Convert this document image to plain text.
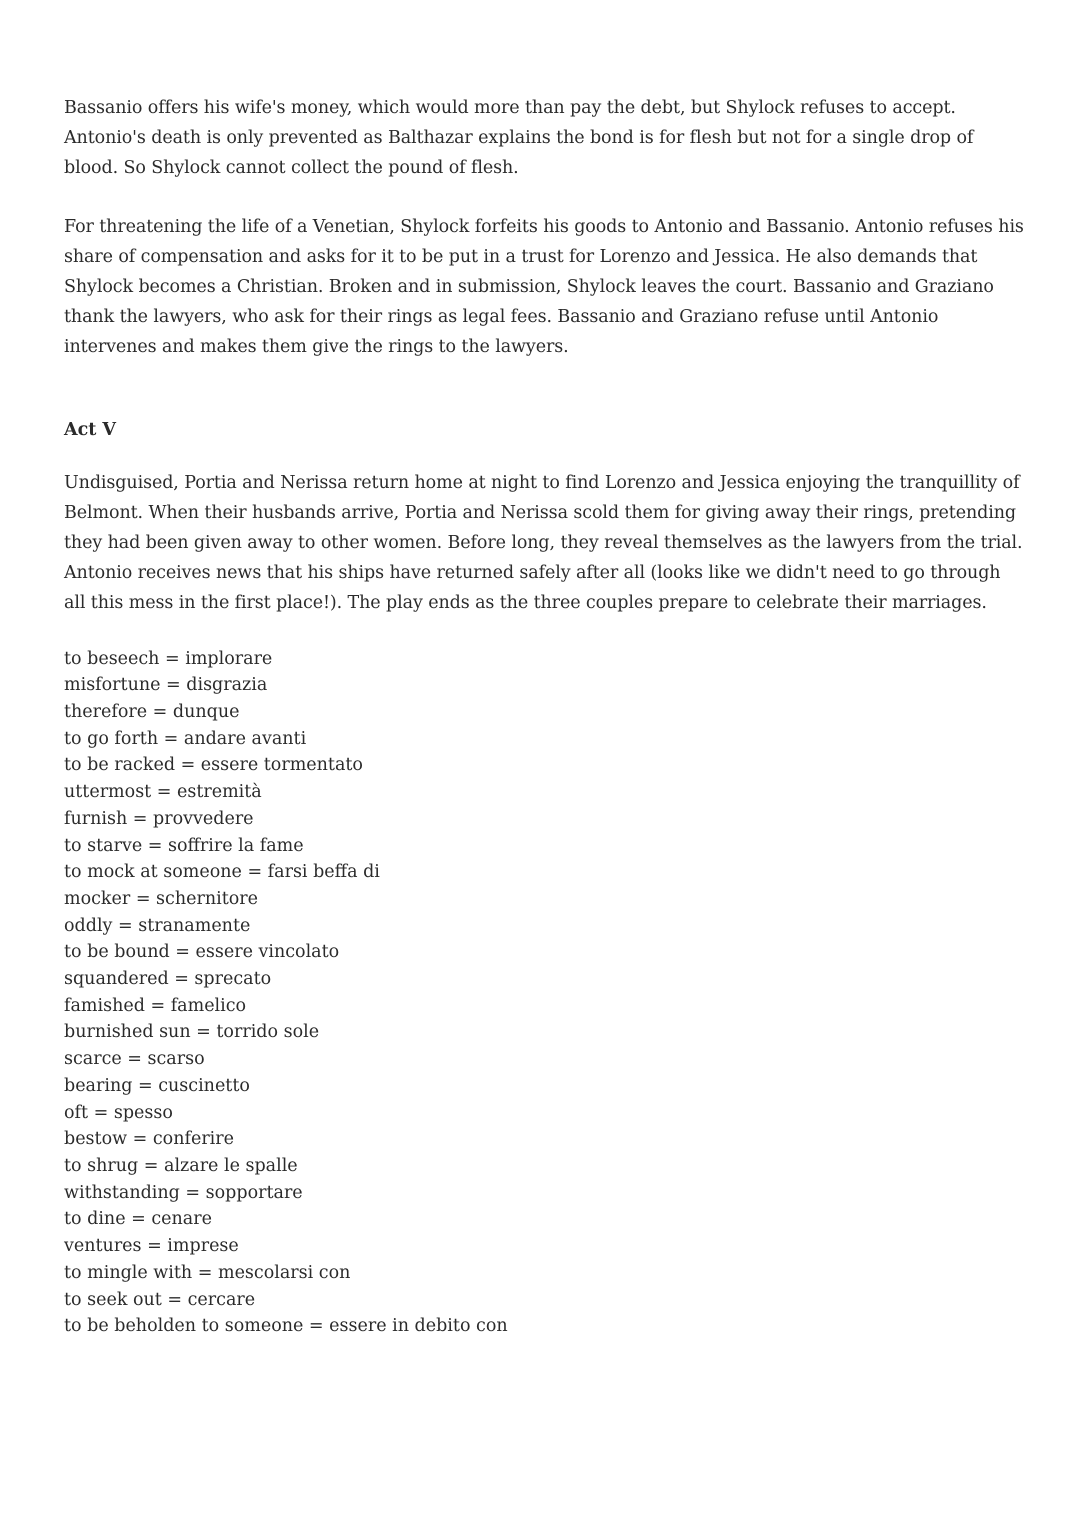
Bassanio offers his wife's money, which would more than pay the debt, but Shylock refuses to accept. Antonio's death is only prevented as Balthazar explains the bond is for flesh but not for a single drop of blood. So Shylock cannot collect the pound of flesh.

For threatening the life of a Venetian, Shylock forfeits his goods to Antonio and Bassanio. Antonio refuses his share of compensation and asks for it to be put in a trust for Lorenzo and Jessica. He also demands that Shylock becomes a Christian. Broken and in submission, Shylock leaves the court. Bassanio and Graziano thank the lawyers, who ask for their rings as legal fees. Bassanio and Graziano refuse until Antonio intervenes and makes them give the rings to the lawyers.

Act V

Undisguised, Portia and Nerissa return home at night to find Lorenzo and Jessica enjoying the tranquillity of Belmont. When their husbands arrive, Portia and Nerissa scold them for giving away their rings, pretending they had been given away to other women. Before long, they reveal themselves as the lawyers from the trial. Antonio receives news that his ships have returned safely after all (looks like we didn't need to go through all this mess in the first place!). The play ends as the three couples prepare to celebrate their marriages.

to beseech = implorare
misfortune = disgrazia
therefore = dunque
to go forth = andare avanti
to be racked = essere tormentato
uttermost = estremità
furnish = provvedere
to starve = soffrire la fame
to mock at someone = farsi beffa di
mocker = schernitore
oddly = stranamente
to be bound = essere vincolato
squandered = sprecato
famished = famelico
burnished sun = torrido sole
scarce = scarso
bearing = cuscinetto
oft = spesso
bestow = conferire
to shrug = alzare le spalle
withstanding = sopportare
to dine = cenare
ventures = imprese
to mingle with = mescolarsi con
to seek out = cercare
to be beholden to someone = essere in debito con
